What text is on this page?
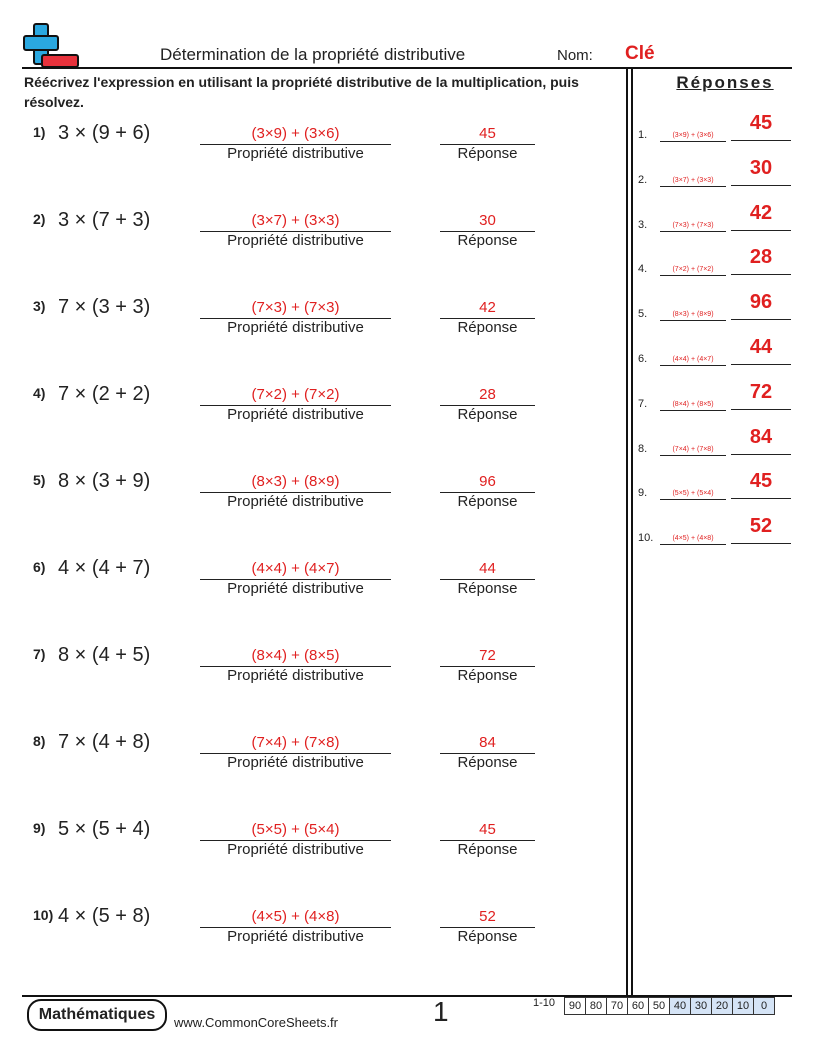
Détermination de la propriété distributive	Nom: Clé
Réécrivez l'expression en utilisant la propriété distributive de la multiplication, puis résolvez.
Réponses
1) 3 × (9 + 6)	(3×9) + (3×6)
Propriété distributive
45
Réponse
2) 3 × (7 + 3)	(3×7) + (3×3)
Propriété distributive
30
Réponse
3) 7 × (3 + 3)	(7×3) + (7×3)
Propriété distributive
42
Réponse
4) 7 × (2 + 2)	(7×2) + (7×2)
Propriété distributive
28
Réponse
5) 8 × (3 + 9)	(8×3) + (8×9)
Propriété distributive
96
Réponse
6) 4 × (4 + 7)	(4×4) + (4×7)
Propriété distributive
44
Réponse
7) 8 × (4 + 5)	(8×4) + (8×5)
Propriété distributive
72
Réponse
8) 7 × (4 + 8)	(7×4) + (7×8)
Propriété distributive
84
Réponse
9) 5 × (5 + 4)	(5×5) + (5×4)
Propriété distributive
45
Réponse
10) 4 × (5 + 8)	(4×5) + (4×8)
Propriété distributive
52
Réponse
1.	(3×9) + (3×6)
45
2.	(3×7) + (3×3)
30
3.	(7×3) + (7×3)
42
4.	(7×2) + (7×2)
28
5.	(8×3) + (8×9)
96
6.	(4×4) + (4×7)
44
7.	(8×4) + (8×5)
72
8.	(7×4) + (7×8)
84
9.	(5×5) + (5×4)
45
10.	(4×5) + (4×8)
52
Mathématiques	www.CommonCoreSheets.fr	1	1-10	90 80 70 60 50 40 30 20 10	0
